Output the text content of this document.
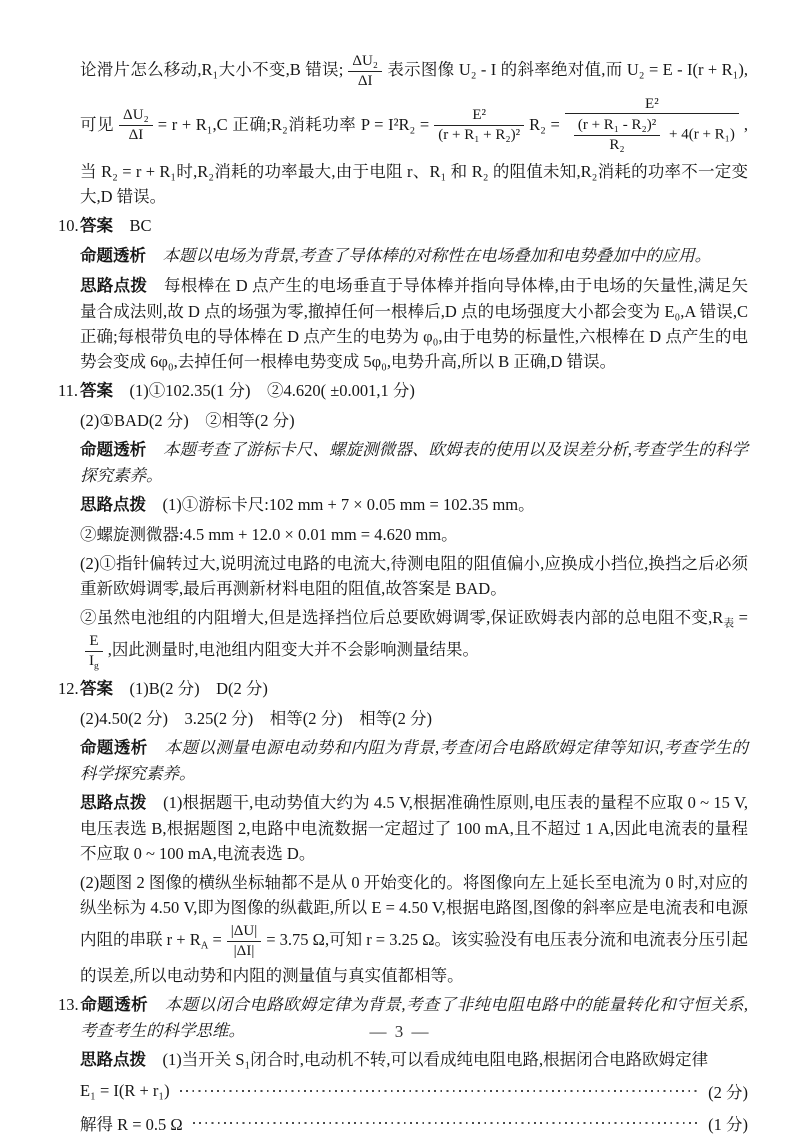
论滑片怎么移动,R₁大小不变,B 错误; $\frac{\text{ΔU₂}}{\Delta I}$ 表示图像 U₂ - I 的斜率绝对值,而 U₂ = E - I(r + R₁),可见 $\frac{\text{ΔU₂}}{\Delta I} = r + R_1,C$ 正确;R₂消耗功率 $P = I^2R_2 = \frac{\text{E²}}{\text{(r + R₁ + R₂)²}} R_2 = \frac{\text{E²}}{\frac{\text{(r + R₁ - R₂)²}}{\text{R₂}} + 4(r + R_1)}$ ,当 R₂ = r + R₁时,R₂消耗的功率最大,由于电阻 r、R₁ 和 R₂ 的阻值未知,R₂消耗的功率不一定变大,D 错误。
10.答案　BC
命题透析　本题以电场为背景,考查了导体棒的对称性在电场叠加和电势叠加中的应用。
思路点拨　每根棒在 D 点产生的电场垂直于导体棒并指向导体棒,由于电场的矢量性,满足矢量合成法则,故 D 点的场强为零,撤掉任何一根棒后,D 点的电场强度大小都会变为 E₀,A 错误,C 正确;每根带负电的导体棒在 D 点产生的电势为 φ₀,由于电势的标量性,六根棒在 D 点产生的电势会变成 6φ₀,去掉任何一根棒电势变成 5φ₀,电势升高,所以 B 正确,D 错误。
11. 答案　(1)①102.35(1 分)　②4.620( ±0.001,1 分)
(2)①BAD(2 分)　②相等(2 分)
命题透析　本题考查了游标卡尺、螺旋测微器、欧姆表的使用以及误差分析,考查学生的科学探究素养。
思路点拨　(1)①游标卡尺:102 mm + 7 × 0.05 mm = 102.35 mm。
②螺旋测微器:4.5 mm + 12.0 × 0.01 mm = 4.620 mm。
(2)①指针偏转过大,说明流过电路的电流大,待测电阻的阻值偏小,应换成小挡位,换挡之后必须重新欧姆调零,最后再测新材料电阻的阻值,故答案是 BAD。
②虽然电池组的内阻增大,但是选择挡位后总要欧姆调零,保证欧姆表内部的总电阻不变$,R_表$ =
$\frac{E}{I_g}$ ,因此测量时,电池组内阻变大并不会影响测量结果。
12.答案　(1)B(2 分)　D(2 分)
(2)4.50(2 分)　3.25(2 分)　相等(2 分)　相等(2 分)
命题透析　本题以测量电源电动势和内阻为背景,考查闭合电路欧姆定律等知识,考查学生的科学探究素养。
思路点拨　(1)根据题干,电动势值大约为 4.5 V,根据准确性原则,电压表的量程不应取 0 ~ 15 V,电压表选 B,根据题图 2,电路中电流数据一定超过了 100 mA,且不超过 1 A,因此电流表的量程不应取 0 ~ 100 mA,电流表选 D。
(2)题图 2 图像的横纵坐标轴都不是从 0 开始变化的。将图像向左上延长至电流为 0 时,对应的纵坐标为 4.50 V,即为图像的纵截距,所以 E = 4.50 V,根据电路图,图像的斜率应是电流表和电源内阻的串联 $r + R_A = \frac{|\Delta U|}{|\Delta I|} = 3.75$ Ω,可知 r = 3.25 Ω。该实验没有电压表分流和电流表分压引起的误差,所以电动势和内阻的测量值与真实值都相等。
13.命题透析　本题以闭合电路欧姆定律为背景,考查了非纯电阻电路中的能量转化和守恒关系,考查考生的科学思维。
思路点拨　(1)当开关 S₁闭合时,电动机不转,可以看成纯电阻电路,根据闭合电路欧姆定律
E₁ = I(R + r₁)	(2 分)
解得 R = 0.5 Ω	(1 分)
— 3 —
